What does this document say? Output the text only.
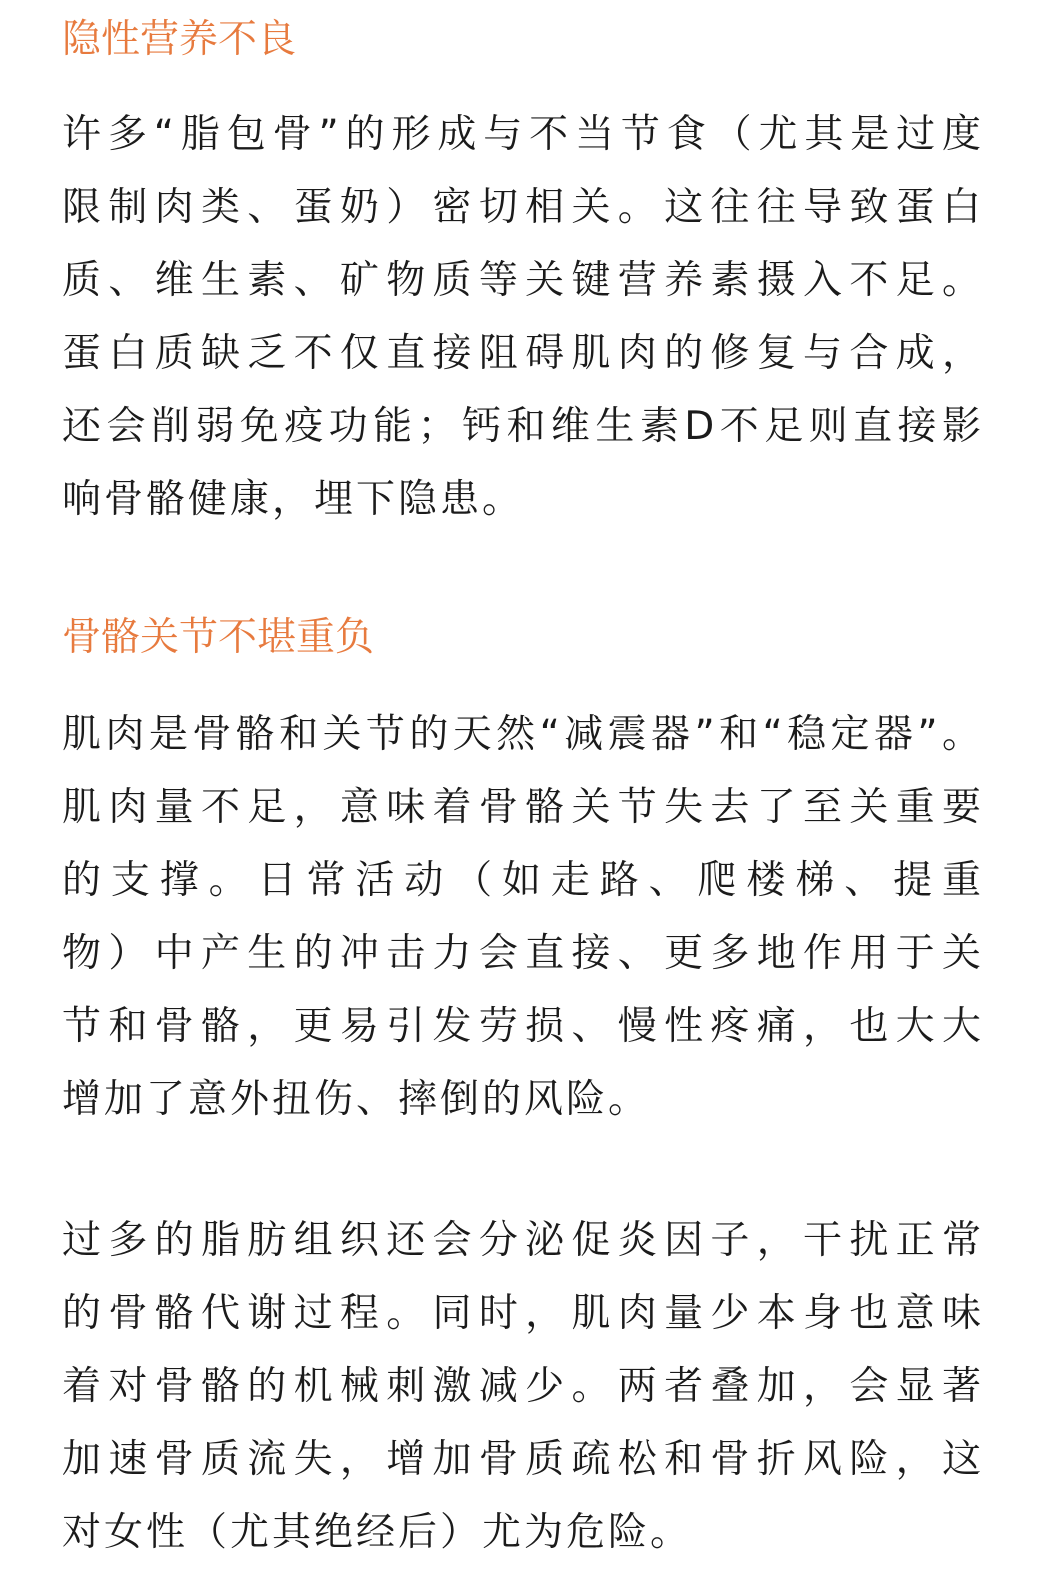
隐性营养不良

许多“脂包骨”的形成与不当节食（尤其是过度
限制肉类、蛋奶）密切相关。这往往导致蛋白
质、维生素、矿物质等关键营养素摄入不足。
蛋白质缺乏不仅直接阻碍肌肉的修复与合成，
还会削弱免疫功能；钙和维生素D不足则直接影
响骨骼健康，埋下隐患。

骨骼关节不堪重负

肌肉是骨骼和关节的天然“减震器”和“稳定器”。
肌肉量不足，意味着骨骼关节失去了至关重要
的支撑。日常活动（如走路、爬楼梯、提重
物）中产生的冲击力会直接、更多地作用于关
节和骨骼，更易引发劳损、慢性疼痛，也大大
增加了意外扭伤、摔倒的风险。

过多的脂肪组织还会分泌促炎因子，干扰正常
的骨骼代谢过程。同时，肌肉量少本身也意味
着对骨骼的机械刺激减少。两者叠加，会显著
加速骨质流失，增加骨质疏松和骨折风险，这
对女性（尤其绝经后）尤为危险。
